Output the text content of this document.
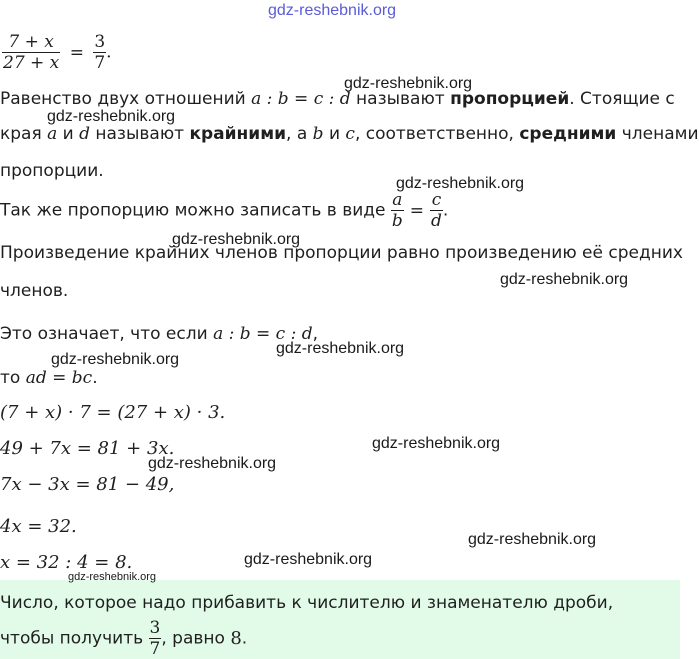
gdz-reshebnik.org
gdz-reshebnik.org
gdz-reshebnik.org
gdz-reshebnik.org
gdz-reshebnik.org
gdz-reshebnik.org
gdz-reshebnik.org
gdz-reshebnik.org
gdz-reshebnik.org
gdz-reshebnik.org
gdz-reshebnik.org
gdz-reshebnik.org
$\frac{7 + x}{27 + x} = \frac{3}{7}$ .
Равенство двух отношений a : b = c : d называют пропорцией. Стоящие с
края a и d называют крайними, а b и c, соответственно, средними членами
пропорции.
Так же пропорцию можно записать в виде $\frac{a}{b} = \frac{c}{d}$ .
Произведение крайних членов пропорции равно произведению её средних
членов.
Это означает, что если a : b = c : d,
то ad = bc.
(7 + x) · 7 = (27 + x) · 3.
49 + 7x = 81 + 3x.
7x − 3x = 81 − 49,
4x = 32.
x = 32 : 4 = 8.
gdz-reshebnik.org
Число, которое надо прибавить к числителю и знаменателю дроби,
чтобы получить $\frac{3}{7}$ , равно 8.
